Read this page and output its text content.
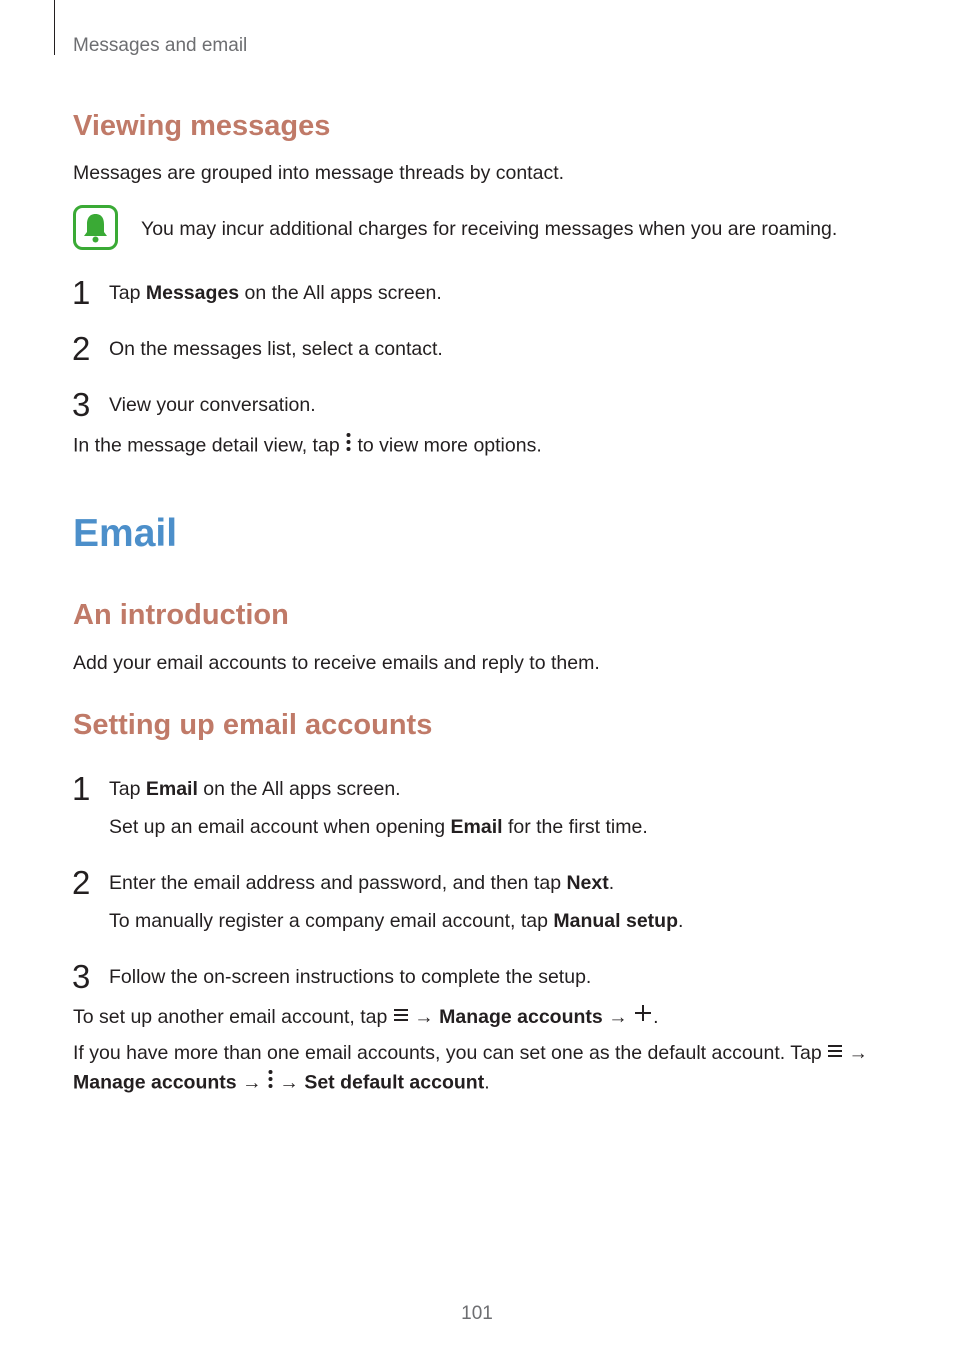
Messages and email
Viewing messages
Messages are grouped into message threads by contact.
You may incur additional charges for receiving messages when you are roaming.
1 Tap Messages on the All apps screen.
2 On the messages list, select a contact.
3 View your conversation.
In the message detail view, tap  to view more options.
Email
An introduction
Add your email accounts to receive emails and reply to them.
Setting up email accounts
1 Tap Email on the All apps screen.
Set up an email account when opening Email for the first time.
2 Enter the email address and password, and then tap Next.
To manually register a company email account, tap Manual setup.
3 Follow the on-screen instructions to complete the setup.
To set up another email account, tap  → Manage accounts → .
If you have more than one email accounts, you can set one as the default account. Tap  →
Manage accounts → → Set default account.
101
